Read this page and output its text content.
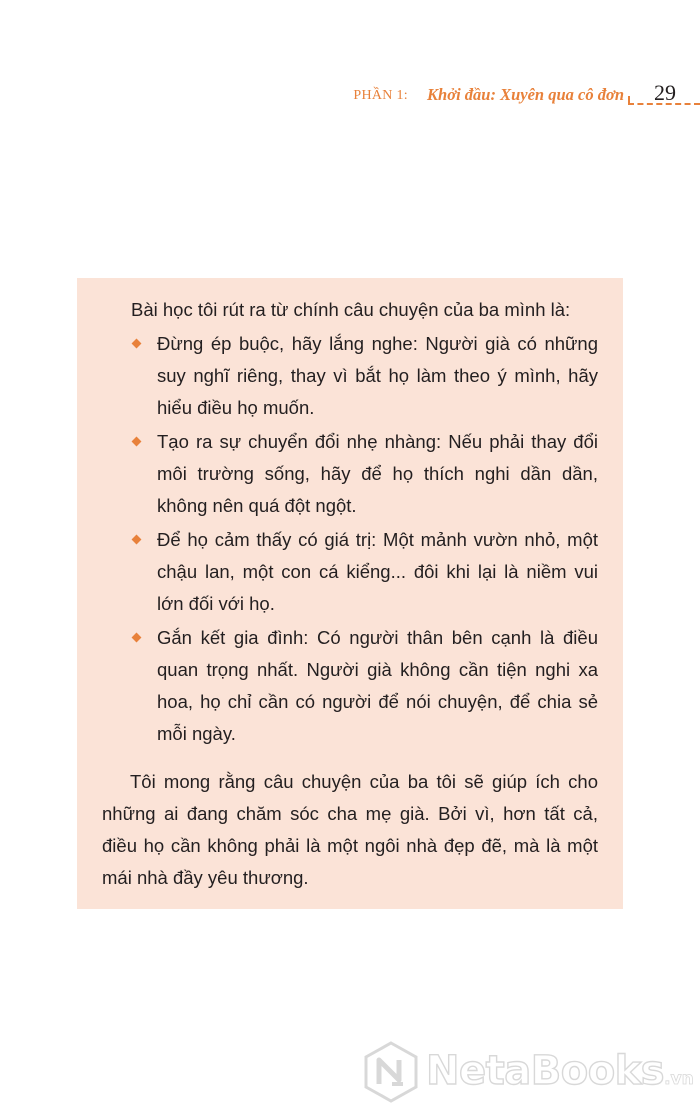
PHẦN 1: Khởi đầu: Xuyên qua cô đơn 29

Bài học tôi rút ra từ chính câu chuyện của ba mình là:

Đừng ép buộc, hãy lắng nghe: Người già có những suy nghĩ riêng, thay vì bắt họ làm theo ý mình, hãy hiểu điều họ muốn.
Tạo ra sự chuyển đổi nhẹ nhàng: Nếu phải thay đổi môi trường sống, hãy để họ thích nghi dần dần, không nên quá đột ngột.
Để họ cảm thấy có giá trị: Một mảnh vườn nhỏ, một chậu lan, một con cá kiểng... đôi khi lại là niềm vui lớn đối với họ.
Gắn kết gia đình: Có người thân bên cạnh là điều quan trọng nhất. Người già không cần tiện nghi xa hoa, họ chỉ cần có người để nói chuyện, để chia sẻ mỗi ngày.

Tôi mong rằng câu chuyện của ba tôi sẽ giúp ích cho những ai đang chăm sóc cha mẹ già. Bởi vì, hơn tất cả, điều họ cần không phải là một ngôi nhà đẹp đẽ, mà là một mái nhà đầy yêu thương.

NetaBooks.vn
